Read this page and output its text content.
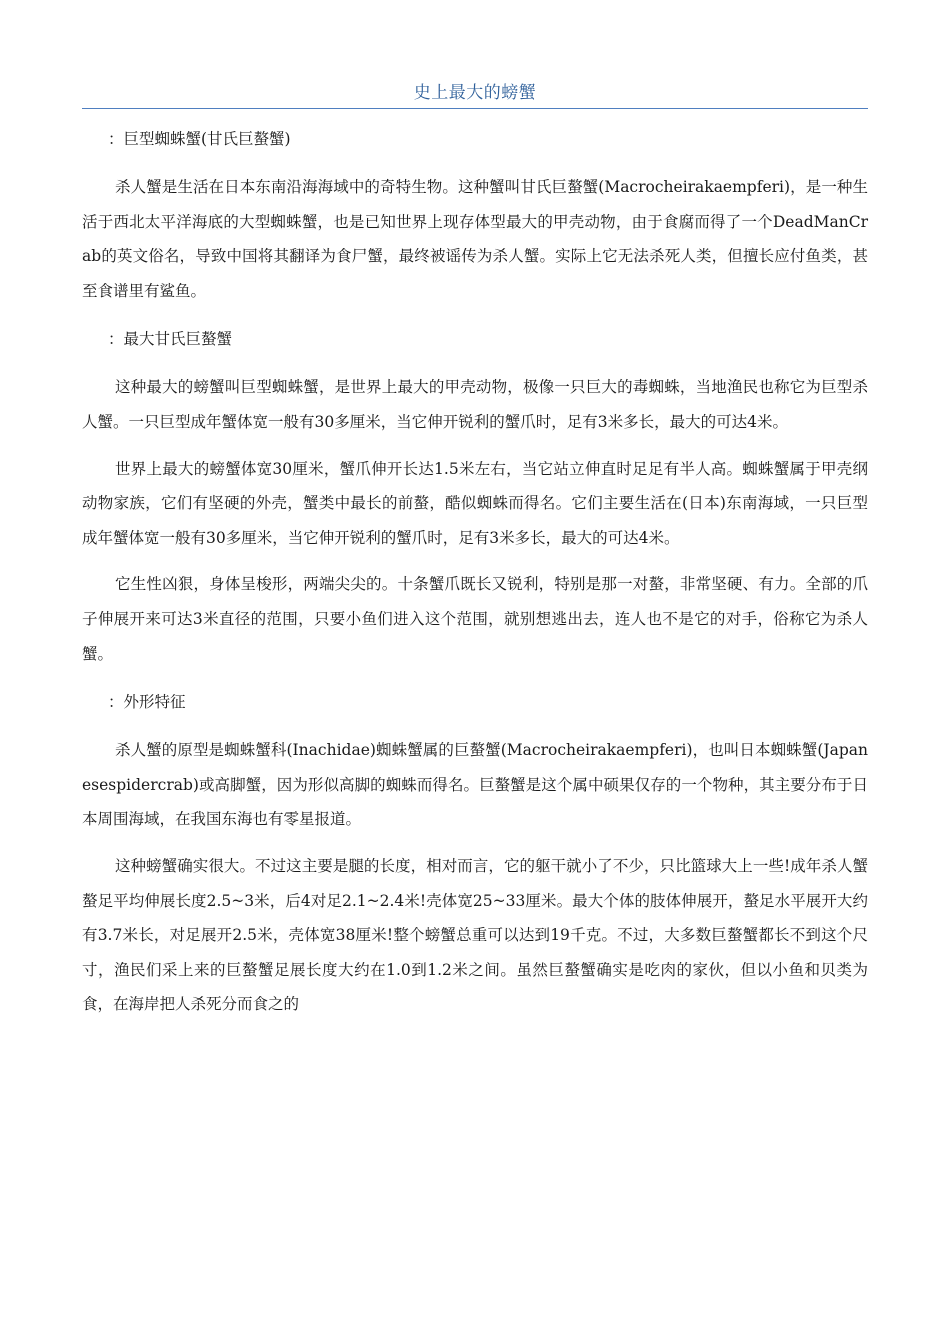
史上最大的螃蟹

：巨型蜘蛛蟹(甘氏巨螯蟹)

杀人蟹是生活在日本东南沿海海域中的奇特生物。这种蟹叫甘氏巨螯蟹(Macrocheirakaempferi)，是一种生活于西北太平洋海底的大型蜘蛛蟹，也是已知世界上现存体型最大的甲壳动物，由于食腐而得了一个DeadManCrab的英文俗名，导致中国将其翻译为食尸蟹，最终被谣传为杀人蟹。实际上它无法杀死人类，但擅长应付鱼类，甚至食谱里有鲨鱼。

：最大甘氏巨螯蟹

这种最大的螃蟹叫巨型蜘蛛蟹，是世界上最大的甲壳动物，极像一只巨大的毒蜘蛛，当地渔民也称它为巨型杀人蟹。一只巨型成年蟹体宽一般有30多厘米，当它伸开锐利的蟹爪时，足有3米多长，最大的可达4米。

世界上最大的螃蟹体宽30厘米，蟹爪伸开长达1.5米左右，当它站立伸直时足足有半人高。蜘蛛蟹属于甲壳纲动物家族，它们有坚硬的外壳，蟹类中最长的前螯，酷似蜘蛛而得名。它们主要生活在(日本)东南海域，一只巨型成年蟹体宽一般有30多厘米，当它伸开锐利的蟹爪时，足有3米多长，最大的可达4米。

它生性凶狠，身体呈梭形，两端尖尖的。十条蟹爪既长又锐利，特别是那一对螯，非常坚硬、有力。全部的爪子伸展开来可达3米直径的范围，只要小鱼们进入这个范围，就别想逃出去，连人也不是它的对手，俗称它为杀人蟹。

：外形特征

杀人蟹的原型是蜘蛛蟹科(Inachidae)蜘蛛蟹属的巨螯蟹(Macrocheirakaempferi)，也叫日本蜘蛛蟹(Japanesespidercrab)或高脚蟹，因为形似高脚的蜘蛛而得名。巨螯蟹是这个属中硕果仅存的一个物种，其主要分布于日本周围海域，在我国东海也有零星报道。

这种螃蟹确实很大。不过这主要是腿的长度，相对而言，它的躯干就小了不少，只比篮球大上一些!成年杀人蟹螯足平均伸展长度2.5~3米，后4对足2.1~2.4米!壳体宽25~33厘米。最大个体的肢体伸展开，螯足水平展开大约有3.7米长，对足展开2.5米，壳体宽38厘米!整个螃蟹总重可以达到19千克。不过，大多数巨螯蟹都长不到这个尺寸，渔民们采上来的巨螯蟹足展长度大约在1.0到1.2米之间。虽然巨螯蟹确实是吃肉的家伙，但以小鱼和贝类为食，在海岸把人杀死分而食之的
